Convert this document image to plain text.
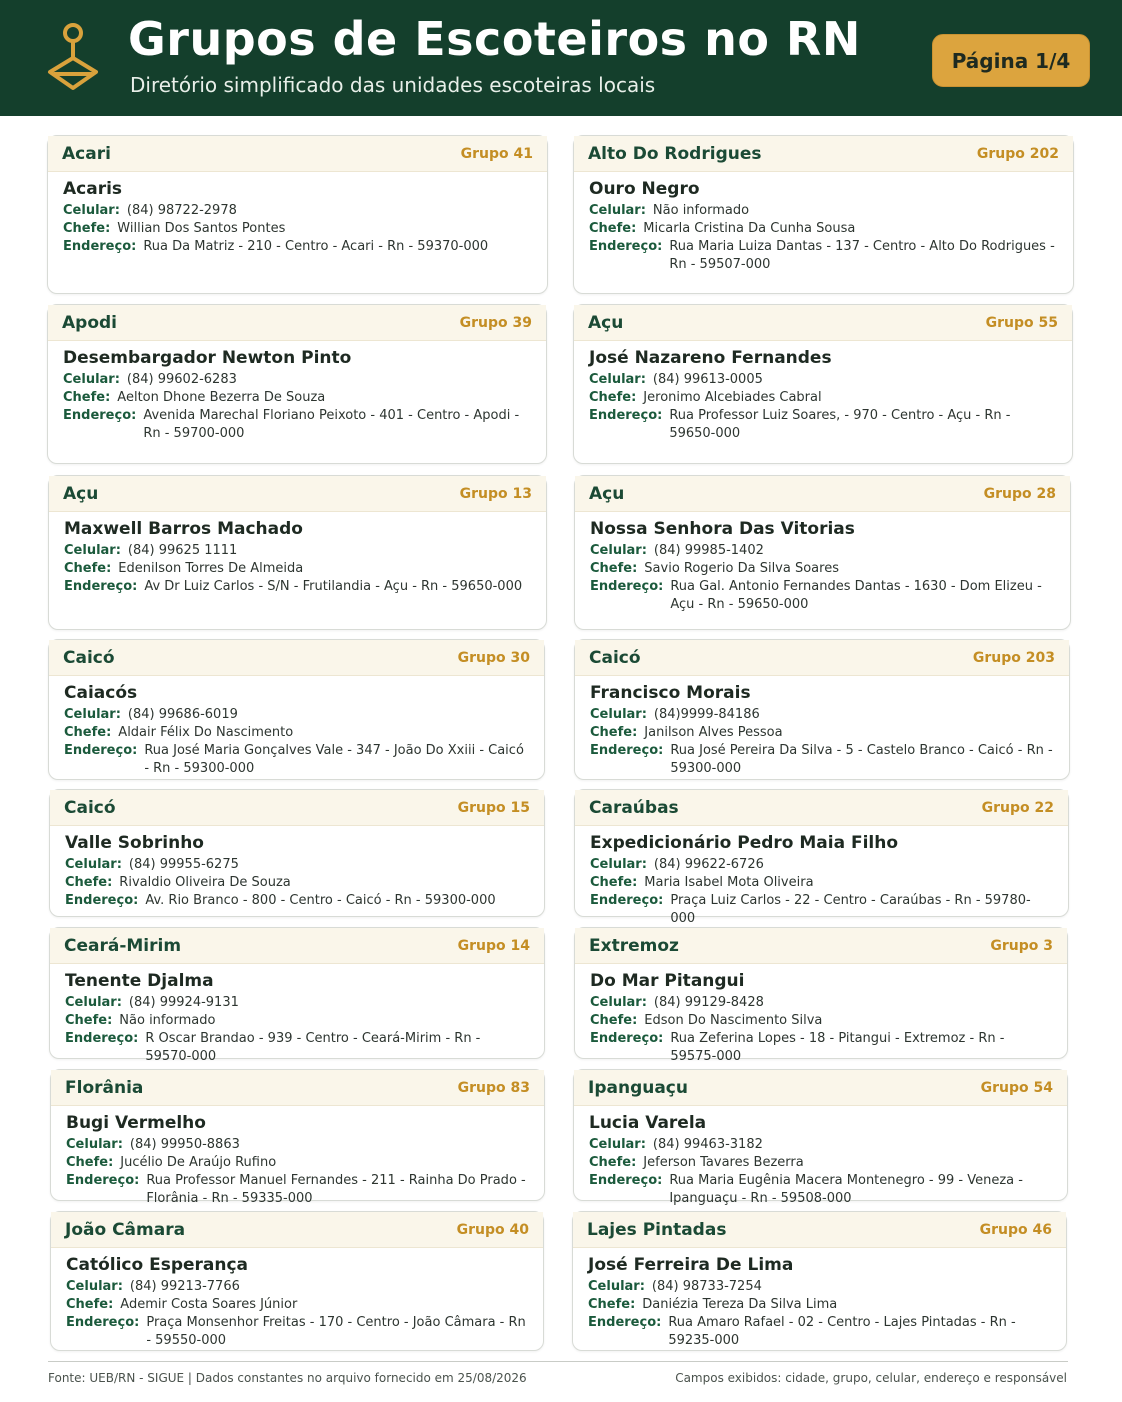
Grupos de Escoteiros no RN
Diretório simplificado das unidades escoteiras locais
Página 1/4
Acari	Grupo 41
Acaris
Celular: (84) 98722-2978
Chefe: Willian Dos Santos Pontes
Endereço: Rua Da Matriz - 210 - Centro - Acari - Rn - 59370-000
Alto Do Rodrigues	Grupo 202
Ouro Negro
Celular: Não informado
Chefe: Micarla Cristina Da Cunha Sousa
Endereço: Rua Maria Luiza Dantas - 137 - Centro - Alto Do Rodrigues - Rn - 59507-000
Apodi	Grupo 39
Desembargador Newton Pinto
Celular: (84) 99602-6283
Chefe: Aelton Dhone Bezerra De Souza
Endereço: Avenida Marechal Floriano Peixoto - 401 - Centro - Apodi - Rn - 59700-000
Açu	Grupo 55
José Nazareno Fernandes
Celular: (84) 99613-0005
Chefe: Jeronimo Alcebiades Cabral
Endereço: Rua Professor Luiz Soares, - 970 - Centro - Açu - Rn - 59650-000
Açu	Grupo 13
Maxwell Barros Machado
Celular: (84) 99625 1111
Chefe: Edenilson Torres De Almeida
Endereço: Av Dr Luiz Carlos - S/N - Frutilandia - Açu - Rn - 59650-000
Açu	Grupo 28
Nossa Senhora Das Vitorias
Celular: (84) 99985-1402
Chefe: Savio Rogerio Da Silva Soares
Endereço: Rua Gal. Antonio Fernandes Dantas - 1630 - Dom Elizeu - Açu - Rn - 59650-000
Caicó	Grupo 30
Caiacós
Celular: (84) 99686-6019
Chefe: Aldair Félix Do Nascimento
Endereço: Rua José Maria Gonçalves Vale - 347 - João Do Xxiii - Caicó - Rn - 59300-000
Caicó	Grupo 203
Francisco Morais
Celular: (84)9999-84186
Chefe: Janilson Alves Pessoa
Endereço: Rua José Pereira Da Silva - 5 - Castelo Branco - Caicó - Rn - 59300-000
Caicó	Grupo 15
Valle Sobrinho
Celular: (84) 99955-6275
Chefe: Rivaldio Oliveira De Souza
Endereço: Av. Rio Branco - 800 - Centro - Caicó - Rn - 59300-000
Caraúbas	Grupo 22
Expedicionário Pedro Maia Filho
Celular: (84) 99622-6726
Chefe: Maria Isabel Mota Oliveira
Endereço: Praça Luiz Carlos - 22 - Centro - Caraúbas - Rn - 59780-000
Ceará-Mirim	Grupo 14
Tenente Djalma
Celular: (84) 99924-9131
Chefe: Não informado
Endereço: R Oscar Brandao - 939 - Centro - Ceará-Mirim - Rn - 59570-000
Extremoz	Grupo 3
Do Mar Pitangui
Celular: (84) 99129-8428
Chefe: Edson Do Nascimento Silva
Endereço: Rua Zeferina Lopes - 18 - Pitangui - Extremoz - Rn - 59575-000
Florânia	Grupo 83
Bugi Vermelho
Celular: (84) 99950-8863
Chefe: Jucélio De Araújo Rufino
Endereço: Rua Professor Manuel Fernandes - 211 - Rainha Do Prado - Florânia - Rn - 59335-000
Ipanguaçu	Grupo 54
Lucia Varela
Celular: (84) 99463-3182
Chefe: Jeferson Tavares Bezerra
Endereço: Rua Maria Eugênia Macera Montenegro - 99 - Veneza - Ipanguaçu - Rn - 59508-000
João Câmara	Grupo 40
Católico Esperança
Celular: (84) 99213-7766
Chefe: Ademir Costa Soares Júnior
Endereço: Praça Monsenhor Freitas - 170 - Centro - João Câmara - Rn - 59550-000
Lajes Pintadas	Grupo 46
José Ferreira De Lima
Celular: (84) 98733-7254
Chefe: Daniézia Tereza Da Silva Lima
Endereço: Rua Amaro Rafael - 02 - Centro - Lajes Pintadas - Rn - 59235-000
Fonte: UEB/RN - SIGUE | Dados constantes no arquivo fornecido em 25/08/2026	Campos exibidos: cidade, grupo, celular, endereço e responsável
